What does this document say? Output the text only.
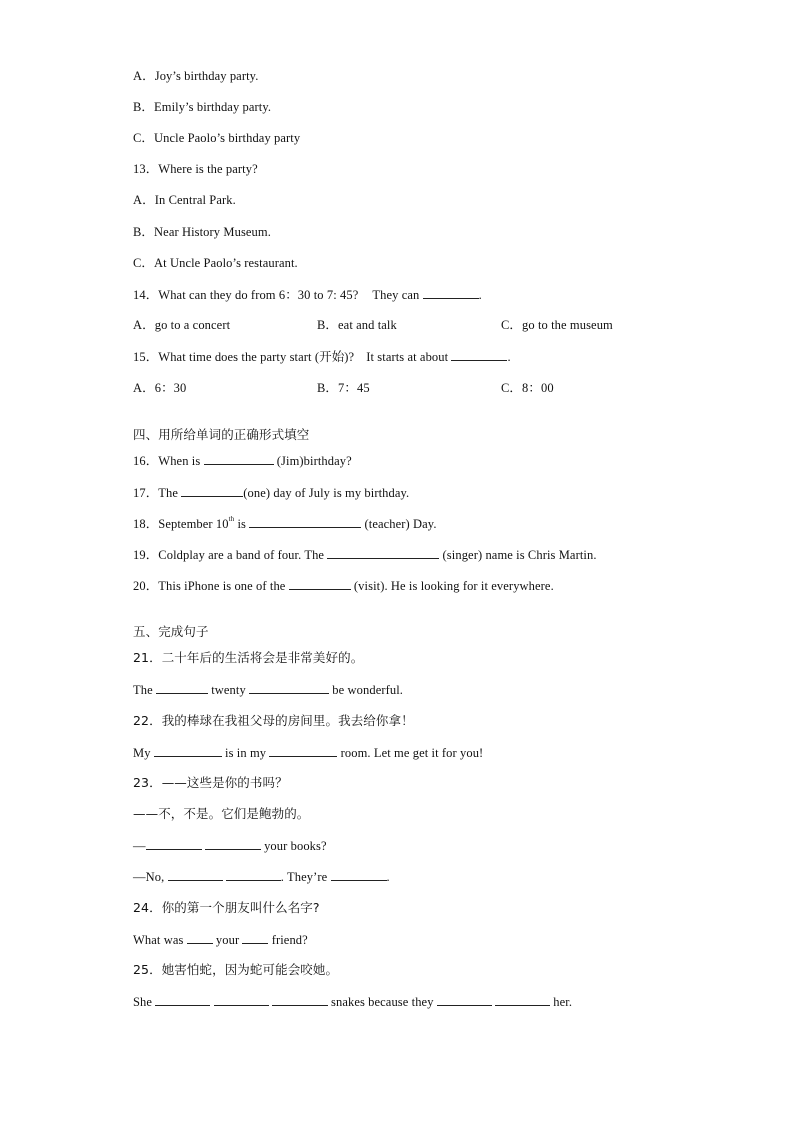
A．Joy’s birthday party.
B．Emily’s birthday party.
C．Uncle Paolo’s birthday party
13．Where is the party?
A．In Central Park.
B．Near History Museum.
C．At Uncle Paolo’s restaurant.
14．What can they do from 6：30 to 7: 45? They can	.
A．go to a concert	B．eat and talk	C．go to the museum
15．What time does the party start (开始)? It starts at about	.
A．6：30	B．7：45	C．8：00
四、用所给单词的正确形式填空
16．When is	(Jim)birthday?
17．The	(one) day of July is my birthday.
18．September 10th is	(teacher) Day.
19．Coldplay are a band of four. The	(singer) name is Chris Martin.
20．This iPhone is one of the	(visit). He is looking for it everywhere.
五、完成句子
21．二十年后的生活将会是非常美好的。
The	twenty	be wonderful.
22．我的棒球在我祖父母的房间里。我去给你拿！
My	is in my	room. Let me get it for you!
23．——这些是你的书吗？
——不，不是。它们是鲍勃的。
—	your books?
—No,	. They’re	.
24．你的第一个朋友叫什么名字?
What was	your	friend?
25．她害怕蛇，因为蛇可能会咬她。
She	snakes because they	her.
